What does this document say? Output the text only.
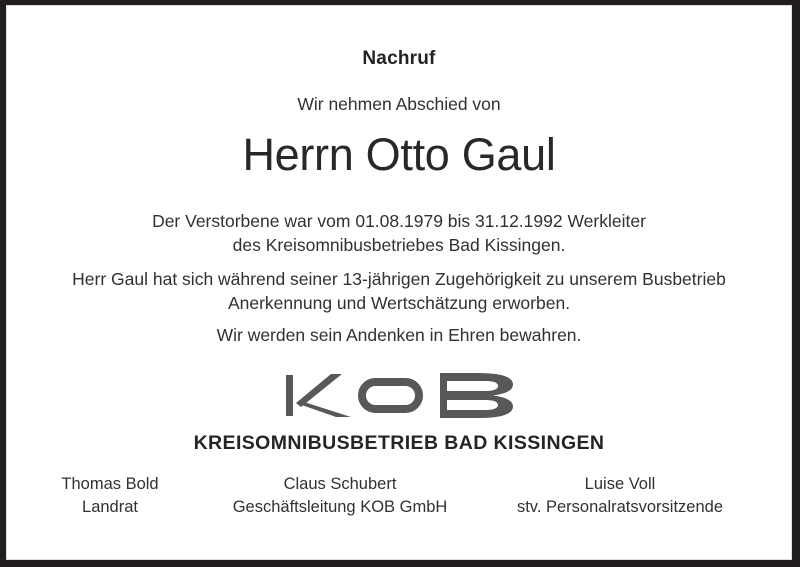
Nachruf
Wir nehmen Abschied von
Herrn Otto Gaul
Der Verstorbene war vom 01.08.1979 bis 31.12.1992 Werkleiter
des Kreisomnibusbetriebes Bad Kissingen.
Herr Gaul hat sich während seiner 13-jährigen Zugehörigkeit zu unserem Busbetrieb
Anerkennung und Wertschätzung erworben.
Wir werden sein Andenken in Ehren bewahren.
KREISOMNIBUSBETRIEB BAD KISSINGEN
Thomas Bold
Landrat
Claus Schubert
Geschäftsleitung KOB GmbH
Luise Voll
stv. Personalratsvorsitzende
